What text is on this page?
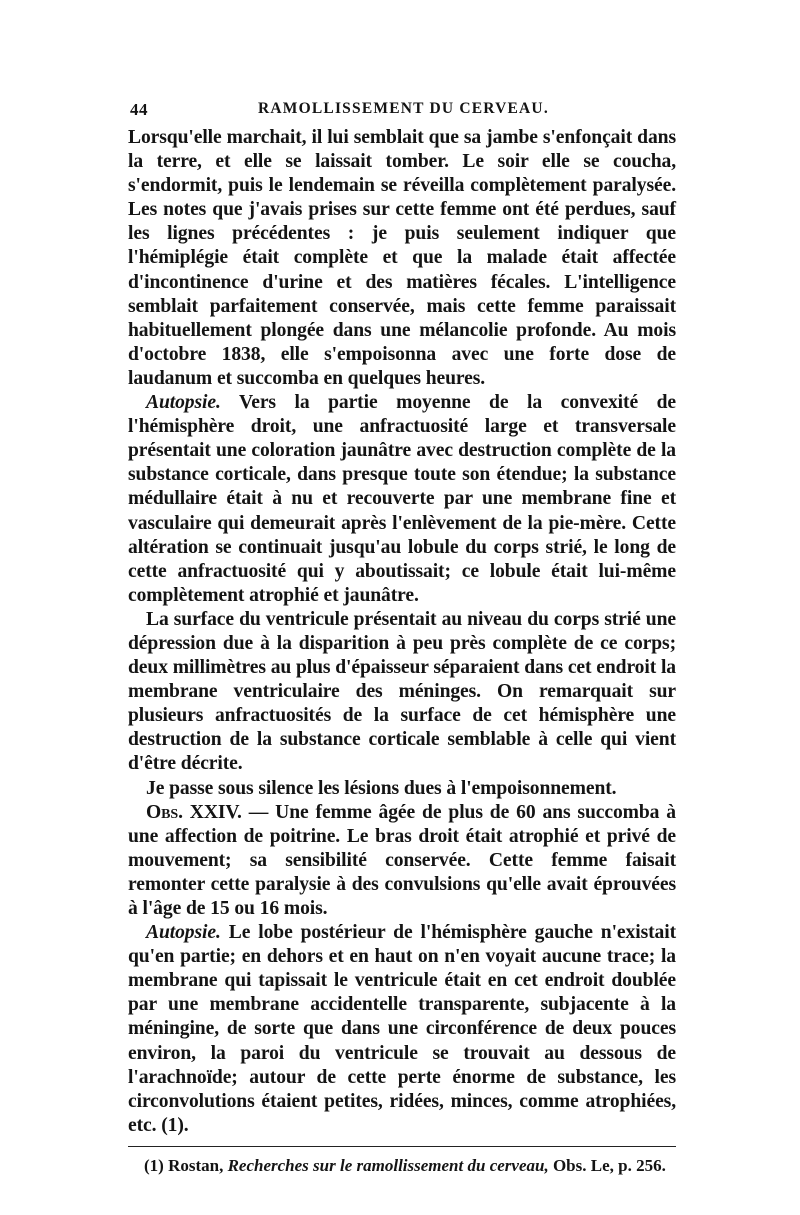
44	RAMOLLISSEMENT DU CERVEAU.

Lorsqu'elle marchait, il lui semblait que sa jambe s'enfonçait dans la terre, et elle se laissait tomber. Le soir elle se coucha, s'endormit, puis le lendemain se réveilla complètement paralysée. Les notes que j'avais prises sur cette femme ont été perdues, sauf les lignes précédentes : je puis seulement indiquer que l'hémiplégie était complète et que la malade était affectée d'incontinence d'urine et des matières fécales. L'intelligence semblait parfaitement conservée, mais cette femme paraissait habituellement plongée dans une mélancolie profonde. Au mois d'octobre 1838, elle s'empoisonna avec une forte dose de laudanum et succomba en quelques heures.

Autopsie. Vers la partie moyenne de la convexité de l'hémisphère droit, une anfractuosité large et transversale présentait une coloration jaunâtre avec destruction complète de la substance corticale, dans presque toute son étendue; la substance médullaire était à nu et recouverte par une membrane fine et vasculaire qui demeurait après l'enlèvement de la pie-mère. Cette altération se continuait jusqu'au lobule du corps strié, le long de cette anfractuosité qui y aboutissait; ce lobule était lui-même complètement atrophié et jaunâtre.

La surface du ventricule présentait au niveau du corps strié une dépression due à la disparition à peu près complète de ce corps; deux millimètres au plus d'épaisseur séparaient dans cet endroit la membrane ventriculaire des méninges. On remarquait sur plusieurs anfractuosités de la surface de cet hémisphère une destruction de la substance corticale semblable à celle qui vient d'être décrite.

Je passe sous silence les lésions dues à l'empoisonnement.

Obs. XXIV. — Une femme âgée de plus de 60 ans succomba à une affection de poitrine. Le bras droit était atrophié et privé de mouvement; sa sensibilité conservée. Cette femme faisait remonter cette paralysie à des convulsions qu'elle avait éprouvées à l'âge de 15 ou 16 mois.

Autopsie. Le lobe postérieur de l'hémisphère gauche n'existait qu'en partie; en dehors et en haut on n'en voyait aucune trace; la membrane qui tapissait le ventricule était en cet endroit doublée par une membrane accidentelle transparente, subjacente à la méningine, de sorte que dans une circonférence de deux pouces environ, la paroi du ventricule se trouvait au dessous de l'arachnoïde; autour de cette perte énorme de substance, les circonvolutions étaient petites, ridées, minces, comme atrophiées, etc. (1).

(1) Rostan, Recherches sur le ramollissement du cerveau, Obs. Le, p. 256.
